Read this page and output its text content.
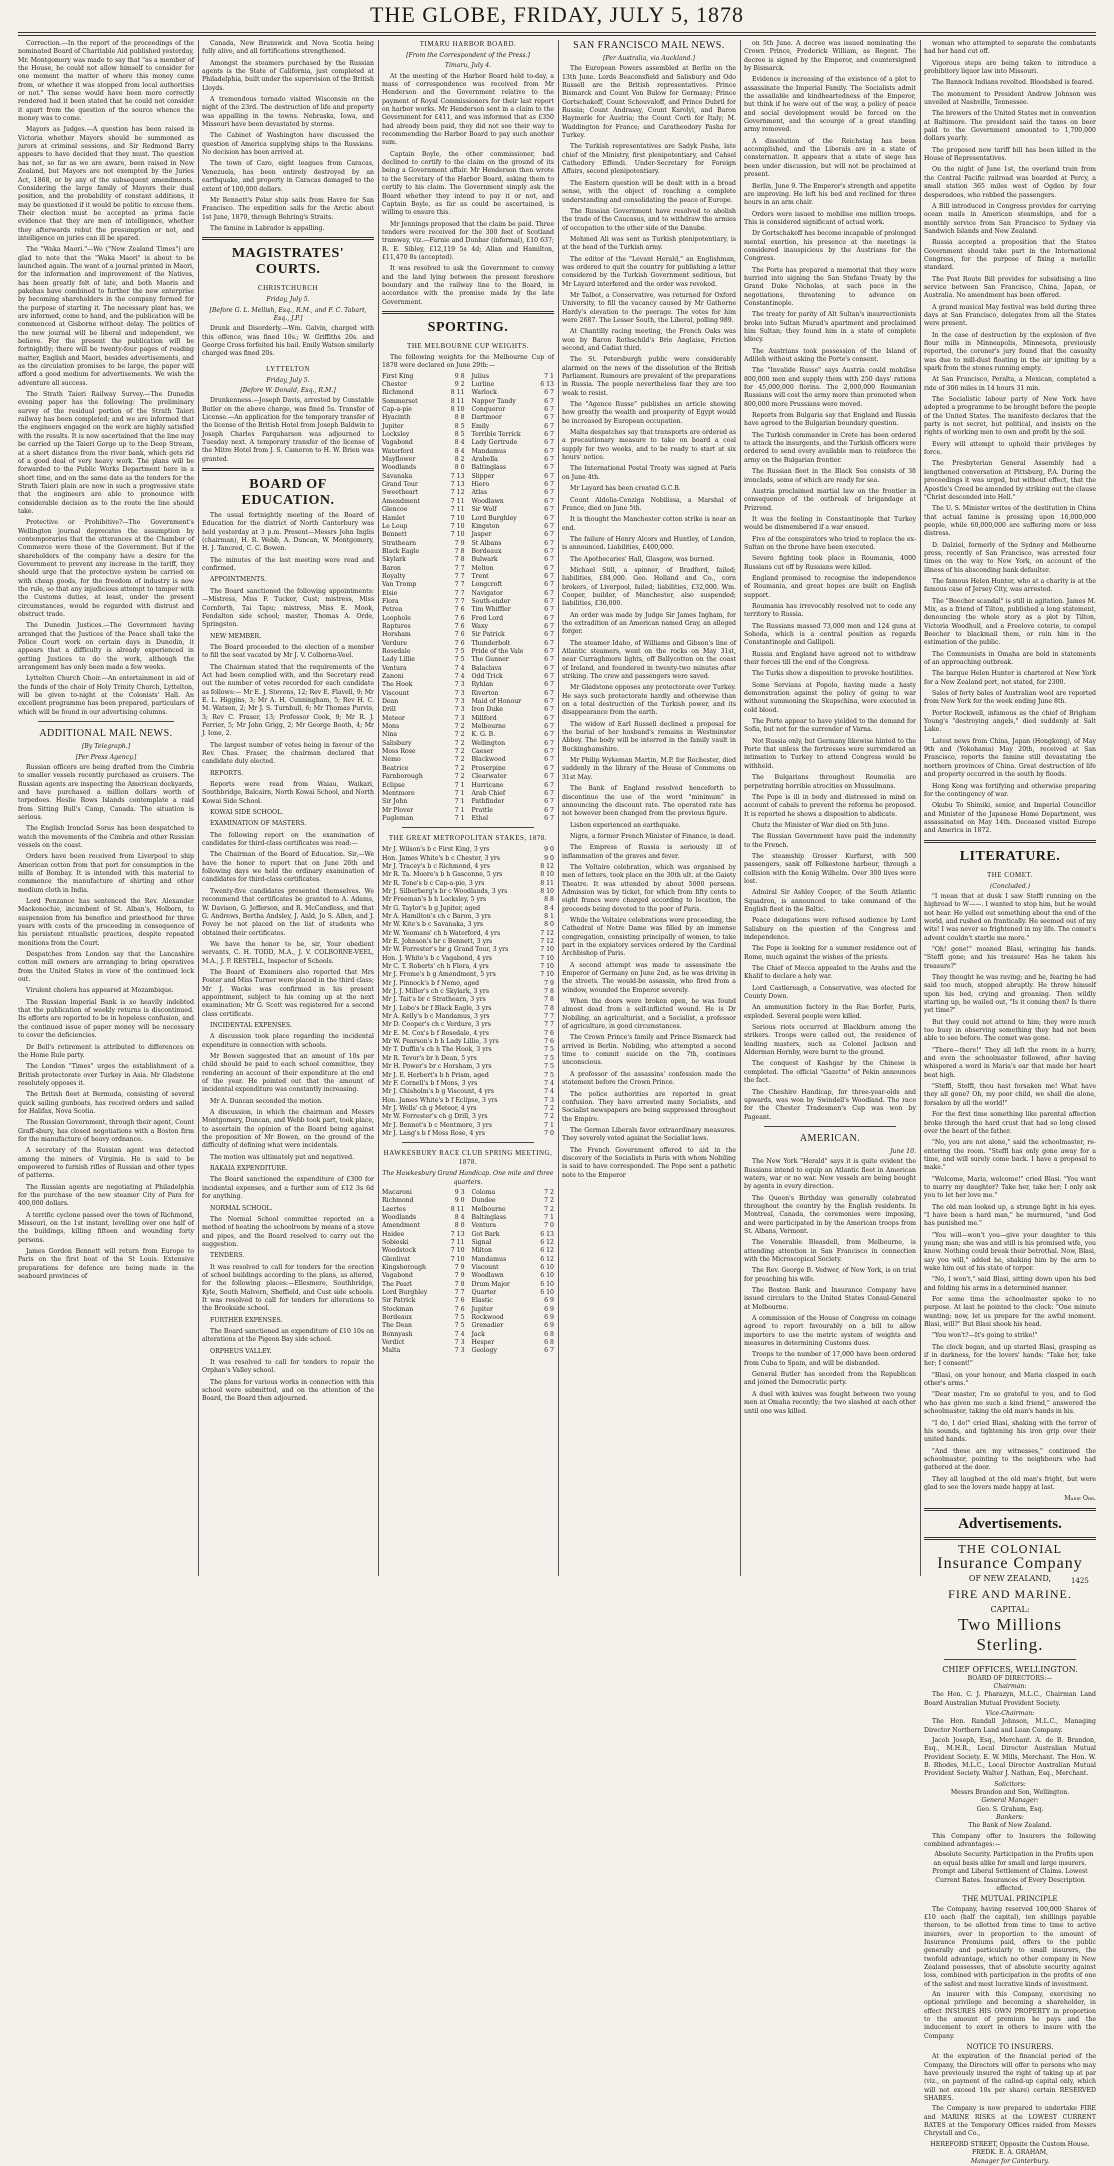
THE GLOBE, FRIDAY, JULY 5, 1878

Correction.—In the report of the proceedings of the nominated Board of Charitable Aid published yesterday, Mr. Montgomery was made to say that "as a member of the House, he could not allow himself to consider for one moment the matter of where this money came from, or whether it was stopped from local authorities or not." The sense would have been more correctly rendered had it been stated that he could not consider it apart from the question of the source whence the money was to come.

Mayors as Judges.—A question has been raised in Victoria whether Mayors should be summoned as jurors at criminal sessions, and Sir Redmond Barry appears to have decided that they must. The question has not, so far as we are aware, been raised in New Zealand, but Mayors are not exempted by the Juries Act, 1868, or by any of the subsequent amendments. Considering the large family of Mayors their dual position, and the probability of constant additions, it may be questioned if it would be politic to excuse them. Their election must be accepted as prima facie evidence that they are men of intelligence, whether they afterwards rebut the presumption or not, and intelligence on juries can ill be spared.

The "Waka Maori."—We ("New Zealand Times") are glad to note that the "Waka Maori" is about to be launched again. The want of a journal printed in Maori, for the information and improvement of the Natives, has been greatly felt of late, and both Maoris and pakehas have combined to further the new enterprise by becoming shareholders in the company formed for the purpose of starting it. The necessary plant has, we are informed, come to hand, and the publication will be commenced at Gisborne without delay. The politics of the new journal will be liberal and independent, we believe. For the present the publication will be fortnightly; there will be twenty-four pages of reading matter, English and Maori, besides advertisements, and as the circulation promises to be large, the paper will afford a good medium for advertisements. We wish the adventure all success.

The Strath Taieri Railway Survey.—The Dunedin evening paper has the following: The preliminary survey of the residual portion of the Strath Taieri railway has been completed; and we are informed that the engineers engaged on the work are highly satisfied with the results. It is now ascertained that the line may be carried up the Taieri Gorge up to the Deep Stream, at a short distance from the river bank, which gets rid of a good deal of very heavy work. The plans will be forwarded to the Public Works Department here in a short time, and on the same date as the tenders for the Strath Taieri plain are now in such a progressive state that the engineers are able to pronounce with considerable decision as to the route the line should take.

Protective or Prohibitive?—The Government's Wellington journal deprecates the assumption by contemporaries that the utterances at the Chamber of Commerce were those of the Government. But if the shareholders of the company have a desire for the Government to prevent any increase in the tariff, they should urge that the protective system be carried on with cheap goods, for the freedom of industry is now the rule, so that any injudicious attempt to tamper with the Customs duties, at least, under the present circumstances, would be regarded with distrust and obstruct trade.

The Dunedin Justices.—The Government having arranged that the Justices of the Peace shall take the Police Court work on certain days in Dunedin, it appears that a difficulty is already experienced in getting Justices to do the work, although the arrangement has only been made a few weeks.

Lyttelton Church Choir.—An entertainment in aid of the funds of the choir of Holy Trinity Church, Lyttelton, will be given to-night at the Colonists' Hall. An excellent programme has been prepared, particulars of which will be found in our advertising columns.

ADDITIONAL MAIL NEWS.
[By Telegraph.]
[Per Press Agency.]

Russian officers are being drafted from the Cimbria to smaller vessels recently purchased as cruisers. The Russian agents are inspecting the American dockyards, and have purchased a million dollars worth of torpedoes. Heslie Rows Islands contemplate a raid from Sitting Bull's Camp, Canada. The situation is serious.

The English Ironclad Sorus has been despatched to watch the movements of the Cimbria and other Russian vessels on the coast.

Orders have been received from Liverpool to ship American cotton from that port for consumption in the mills of Bombay. It is intended with this material to commence the manufacture of shirting and other medium cloth in India.

Lord Penzance has sentenced the Rev. Alexander Mackonochie, incumbent of St. Alban's, Holborn, to suspension from his benefice and priesthood for three years with costs of the proceeding in consequence of his persistent ritualistic practices, despite repeated monitions from the Court.

Despatches from London say that the Lancashire cotton mill owners are arranging to bring operatives from the United States in view of the continued lock out.

Virulent cholera has appeared at Mozambique.

The Russian Imperial Bank is so heavily indebted that the publication of weekly returns is discontinued. Its efforts are reported to be in hopeless confusion, and the continued issue of paper money will be necessary to cover the deficiencies.

Dr Bell's retirement is attributed to differences on the Home Rule party.

The London "Times" urges the establishment of a British protectorate over Turkey in Asia. Mr Gladstone resolutely opposes it.

The British fleet at Bermuda, consisting of several quick sailing gunboats, has received orders and sailed for Halifax, Nova Scotia.

The Russian Government, through their agent, Count Graff-sbury, has closed negotiations with a Boston firm for the manufacture of heavy ordnance.

A secretary of the Russian agent was detected among the miners of Virginia. He is said to be empowered to furnish rifles of Russian and other types of patterns.

The Russian agents are negotiating at Philadelphia for the purchase of the new steamer City of Para for 400,000 dollars.

A terrific cyclone passed over the town of Richmond, Missouri, on the 1st instant, levelling over one half of the buildings, killing fifteen and wounding forty persons.

James Gordon Bennett will return from Europe to Paris on the first boat of the St Louis. Extensive preparations for defence are being made in the seaboard provinces of

Canada, New Brunswick and Nova Scotia being fully alive, and all fortifications strengthened.

Amongst the steamers purchased by the Russian agents is the State of California, just completed at Philadelphia, built under the supervision of the British Lloyds.

A tremendous tornado visited Wisconsin on the night of the 23rd. The destruction of life and property was appalling in the towns. Nebraska, Iowa, and Missouri have been devastated by storms.

The Cabinet of Washington have discussed the question of America supplying ships to the Russians. No decision has been arrived at.

The town of Caro, eight leagues from Caracas, Venezuela, has been entirely destroyed by an earthquake, and property in Caracas damaged to the extent of 100,000 dollars.

Mr Bennett's Polar ship sails from Havre for San Francisco. The expedition sails for the Arctic about 1st June, 1879, through Behring's Straits.

The famine in Labrador is appalling.

MAGISTRATES' COURTS.
CHRISTCHURCH
Friday, July 5.
[Before G. L. Mellish, Esq., R.M., and F. C. Tabart, Esq., J.P.]

Drunk and Disorderly.—Wm. Galvin, charged with this offence, was fined 10s.; W. Griffiths 20s. and George Cross forfeited his bail. Emily Watson similarly charged was fined 20s.

LYTTELTON
Friday, July 5.
[Before W. Donald, Esq., R.M.]

Drunkenness.—Joseph Davis, arrested by Constable Butler on the above charge, was fined 5s. Transfer of License.—An application for the temporary transfer of the license of the British Hotel from Joseph Baldwin to Joseph Charles Farquharson was adjourned to Tuesday next. A temporary transfer of the license of the Mitre Hotel from J. S. Cameron to H. W. Brien was granted.

BOARD OF EDUCATION.

The usual fortnightly meeting of the Board of Education for the district of North Canterbury was held yesterday at 3 p.m. Present—Messrs John Inglis (chairman), H. R. Webb, A. Duncan, W. Montgomery, H. J. Tancred, C. C. Bowen.

The minutes of the last meeting were read and confirmed.

APPOINTMENTS.

The Board sanctioned the following appointments:—Mistress, Miss F. Tucker, Cust; mistress, Miss Cornforth, Tai Tapu; mistress, Miss E. Mook, Fendalton side school; master, Thomas A. Orde, Springston.

NEW MEMBER.

The Board proceeded to the election of a member to fill the seat vacated by Mr J. V. Colborne-Veel.

The Chairman stated that the requirements of the Act had been complied with, and the Secretary read out the number of votes recorded for each candidate as follows:— Mr E. J. Stevens, 12; Rev E. Flavell, 9; Mr E. L. Higgins, 3; Mr A. H. Cunningham, 5; Rev H. C. M. Watson, 2; Mr J. S. Turnbull, 6; Mr Thomas Purvis, 3; Rev C. Fraser, 13; Professor Cook, 9; Mr R. J. Ferrier, 5; Mr John Grigg, 2; Mr George Booth, 4; Mr J. Ione, 2.

The largest number of votes being in favour of the Rev. Chas. Fraser, the chairman declared that candidate duly elected.

REPORTS.

Reports were read from Waiau, Waikari, Southbridge, Balcairn, North Kowai School, and North Kowai Side School.

KOWAI SIDE SCHOOL.

EXAMINATION OF MASTERS.

The following report on the examination of candidates for third-class certificates was read:—

The Chairman of the Board of Education. Sir,—We have the honor to report that on June 26th and following days we held the ordinary examination of candidates for third-class certificates.

Twenty-five candidates presented themselves. We recommend that certificates be granted to A. Adams, W. Davison, G. Jefferson, and R. McCandless, and that G. Andrews, Bertha Andsley, J. Auld, Jo S. Allen, and J. Fovey be not placed on the list of students who obtained their certificates.

We have the honor to be, sir, Your obedient servants, C. H. TODD, M.A., J. V. COLBORNE-VEEL, M.A., J. P. RESTELL, Inspector of Schools.

The Board of Examiners also reported that Mrs Foster and Miss Turner were placed in the third class; Mr J. Wacke was confirmed in his present appointment, subject to his coming up at the next examination; Mr G. Scott was registered for a second class certificate.

INCIDENTAL EXPENSES.

A discussion took place regarding the incidental expenditure in connection with schools.

Mr Bowen suggested that an amount of 10s per child should be paid to each school committee, they rendering an account of their expenditure at the end of the year. He pointed out that the amount of incidental expenditure was constantly increasing.

Mr A. Duncan seconded the motion.

A discussion, in which the chairman and Messrs Montgomery, Duncan, and Webb took part, took place, to ascertain the opinion of the Board being against the proposition of Mr Bowen, on the ground of the difficulty of defining what were incidentals.

The motion was ultimately put and negatived.

RAKAIA EXPENDITURE.

The Board sanctioned the expenditure of £300 for incidental expenses, and a further sum of £12 3s 6d for anything.

NORMAL SCHOOL.

The Normal School committee reported on a method of heating the schoolroom by means of a stove and pipes, and the Board resolved to carry out the suggestion.

TENDERS.

It was resolved to call for tenders for the erection of school buildings according to the plans, as altered, for the following places:—Ellesmere, Southbridge, Kyle, South Malvern, Sheffield, and Cust side schools. It was resolved to call for tenders for alterations to the Brookside school.

FURTHER EXPENSES.

The Board sanctioned an expenditure of £10 10s on alterations at the Pigeon Bay side school.

ORPHEUS VALLEY.

It was resolved to call for tenders to repair the Orphan's Valley school.

The plans for various works in connection with this school were submitted, and on the attention of the Board, the Board then adjourned.

TIMARU HARBOR BOARD.
[From the Correspondent of the Press.]
Timaru, July 4.

At the meeting of the Harbor Board held to-day, a mass of correspondence was received from Mr Henderson and the Government relative to the payment of Royal Commissioners for their last report on harbor works. Mr Henderson sent in a claim to the Government for £411, and was informed that as £350 had already been paid, they did not see their way to recommending the Harbor Board to pay such another sum.

Captain Boyle, the other commissioner, had declined to certify to the claim on the ground of its being a Government affair. Mr Henderson then wrote to the Secretary of the Harbor Board, asking them to certify to his claim. The Government simply ask the Board whether they intend to pay it or not, and Captain Boyle, as far as could be ascertained, is willing to ensure this.

Mr Jennings proposed that the claim be paid. Three tenders were received for the 300 feet of Scotland tramway, viz.—Farnie and Dunbar (informal), £10 637; R. E. Sibley, £12,119 5s 4d; Allan and Hamilton, £11,470 8s (accepted).

It was resolved to ask the Government to convey and the land lying between the present foreshore boundary and the railway line to the Board, in accordance with the promise made by the late Government.

SPORTING.
THE MELBOURNE CUP WEIGHTS.

The following weights for the Melbourne Cup of 1878 were declared on June 29th:—

First King	9 8 Julius	7 1
Chester	9 2 Lurline	6 13
Richmond	8 11 Warlock	6 7
Sommerset	8 11 Napper Tandy	6 7
Cap-a-pie	8 10 Conqueror	6 7
Hyacinth	8 8 Dartmoor	6 7
Jupiter	8 5 Emily	6 7
Locksley	8 5 Terrible Terrick	6 7
Vagabond	8 4 Lady Gertrude	6 7
Waterford	8 4 Mandamus	6 7
Mayflower	8 2 Arabella	6 7
Woodlands	8 0 Baltinglass	6 7
Savanaka	7 13 Slipper	6 7
Grand Tour	7 13 Hiero	6 7
Sweetheart	7 12 Atlas	6 7
Amendment	7 11 Woodlawn	6 7
Glencoe	7 11 Sir Wolf	6 7
Hamlet	7 10 Lord Burghley	6 7
Le Loup	7 10 Kingston	6 7
Bennett	7 10 Jasper	6 7
Strathearn	7 9 St Albans	6 7
Black Eagle	7 8 Bordeaux	6 7
Skylark	7 8 Bulwark	6 7
Baron	7 7 Melton	6 7
Royalty	7 7 Trent	6 7
Van Tromp	7 7 Longcroft	6 7
Elsie	7 7 Navigator	6 7
Flora	7 7 South-ender	6 7
Petrea	7 6 Tim Whiffler	6 7
Loophole	7 6 Fred Lord	6 7
Raptures	7 6 Waxy	6 7
Horsham	7 6 Sir Patrick	6 7
Verdure	7 6 Thunderbolt	6 7
Rosedale	7 5 Pride of the Vale	6 7
Lady Lillie	7 5 The Gunner	6 7
Ventura	7 4 Balaclava	6 7
Zanoni	7 4 Odd Trick	6 7
The Hook	7 3 Ryhlan	6 7
Viscount	7 3 Riverton	6 7
Dean	7 3 Maid of Honour	6 7
Drill	7 3 Iron Duke	6 7
Meteor	7 3 Millford	6 7
Mons	7 2 Melbourne	6 7
Nina	7 2 K. G. B.	6 7
Salisbury	7 2 Wellington	6 7
Moss Rose	7 2 Caeser	6 7
Nemo	7 2 Blackwood	6 7
Beatrice	7 2 Proserpine	6 7
Farnborough	7 2 Clearwater	6 7
Eclipse	7 1 Hurricane	6 7
Mentmore	7 1 Arab Chief	6 7
Sir John	7 1 Pathfinder	6 7
Mr Plover	7 1 Prattle	6 7
Fugleman	7 1 Ethel	6 7
THE GREAT METROPOLITAN STAKES, 1878.
Mr J. Wilson's b c First King, 3 yrs	9 0
Hon. James White's b c Chester, 3 yrs	9 0
Mr J. Tracey's b c Richmond, 4 yrs	8 12
Mr R. Ta. Moore's b h Gasconne, 5 yrs	8 10
Mr R. Tone's b c Cap-a-pie, 3 yrs	8 11
Mr J. Silberberg's br c Woodlands, 3 yrs	8 10
Mr Freeman's b h Locksley, 5 yrs	8 8
Mr G. Taylor's b g Jupiter, aged	8 4
Mr A. Hamilton's ch c Baron, 3 yrs	8 1
Mr W. Kite's b c Savanaka, 3 yrs	8 0
Mr W. Yeomans' ch h Waterford, 4 yrs	7 12
Mr E. Johnson's br c Bennett, 3 yrs	7 12
Mr W. Forrester's br g Grand Tour, 3 yrs	7 10
Hon. J. White's b c Vagabond, 4 yrs	7 10
Mr C. T. Roberts' ch h Flora, 4 yrs	7 10
Mr J. Frome's b g Amendment, 5 yrs	7 10
Mr J. Pinnock's b f Nemo, aged	7 9
Mr J. J. Miller's ch c Skylark, 3 yrs	7 8
Mr J. Tait's br c Strathearn, 3 yrs	7 8
Mr J. Lobo's br f Black Eagle, 3 yrs	7 8
Mr A. Kelly's b c Mandamus, 3 yrs	7 7
Mr D. Cooper's ch c Verdure, 3 yrs	7 7
Mr E. M. Cox's b f Rosedale, 4 yrs	7 6
Mr W. Pearson's b h Lady Lillie, 3 yrs	7 6
Mr T. Duffin's ch h The Hook, 3 yrs	7 5
Mr R. Tevor's br h Dean, 5 yrs	7 5
Mr H. Power's br c Horsham, 3 yrs	7 5
Mr J. E. Herbert's b h Prism, aged	7 5
Mr F. Cornell's b f Mons, 3 yrs	7 4
Mr J. Chisholm's b g Viscount, 4 yrs	7 4
Hon. James White's b f Eclipse, 3 yrs	7 3
Mr J. Wells' ch g Meteor, 4 yrs	7 2
Mr W. Forrester's ch g Drill, 3 yrs	7 2
Mr J. Bennet's b c Mentmore, 3 yrs	7 1
Mr J. Lang's b f Moss Rose, 4 yrs	7 0
HAWKESBURY RACE CLUB SPRING MEETING, 1878.
The Hawkesbury Grand Handicap. One mile and three quarters.
Macaroni	9 3 Coloma	7 2
Richmond	9 0 Dundee	7 2
Laertes	8 11 Melbourne	7 2
Woodlands	8 4 Baltinglass	7 1
Amendment	8 0 Ventura	7 0
Haidee	7 13 Got Bark	6 13
Sobieski	7 11 Signal	6 12
Woodstock	7 10 Milton	6 12
Glenlivat	7 10 Mandamus	6 12
Kingsborough	7 9 Viscount	6 10
Vagabond	7 9 Woodlawn	6 10
The Pearl	7 8 Drum Major	6 10
Lord Burghley	7 7 Quarter	6 10
Sir Patrick	7 6 Elastic	6 9
Stockman	7 6 Jupiter	6 9
Bordeaux	7 5 Rockwood	6 9
The Dean	7 5 Grenadier	6 9
Bonnyash	7 4 Jack	6 8
Verdict	7 3 Hesper	6 8
Malta	7 3 Geology	6 7
SAN FRANCISCO MAIL NEWS.
[Per Australia, via Auckland.]

The European Powers assembled at Berlin on the 13th June. Lords Beaconsfield and Salisbury and Odo Russell are the British representatives. Prince Bismarck and Count Von Bulow for Germany; Prince Gortschakoff, Count Schouvaloff, and Prince Dubril for Russia; Count Andrassy, Count Karolyi, and Baron Haymerle for Austria; the Count Corti for Italy; M. Waddington for France; and Caratheodory Pasha for Turkey.

The Turkish representatives are Sadyk Pasha, late chief of the Ministry, first plenipotentiary, and Cahsel Cathedory Effendi. Under-Secretary for Foreign Affairs, second plenipotentiary.

The Eastern question will be dealt with in a broad sense, with the object of reaching a complete understanding and consolidating the peace of Europe.

The Russian Government have resolved to abolish the trade of the Caucasus, and to withdraw the armies of occupation to the other side of the Danube.

Mehmed Ali was sent as Turkish plenipotentiary, is at the head of the Turkish army.

The editor of the "Levant Herald," an Englishman, was ordered to quit the country for publishing a letter considered by the Turkish Government seditious, but Mr Layard interfered and the order was revoked.

Mr Talbot, a Conservative, was returned for Oxford University, to fill the vacancy caused by Mr Gathorne Hardy's elevation to the peerage. The votes for him were 2687. The Lesser South, the Liberal, polling 989.

At Chantilly racing meeting, the French Oaks was won by Baron Rothschild's Brie Anglaise, Friction second, and Cadiat third.

The St. Petersburgh public were considerably alarmed on the news of the dissolution of the British Parliament. Rumours are prevalent of the preparations in Russia. The people nevertheless fear they are too weak to resist.

The "Agence Russe" publishes an article showing how greatly the wealth and prosperity of Egypt would be increased by European occupation.

Malta despatches say that transports are ordered as a precautionary measure to take on board a coal supply for two weeks, and to be ready to start at six hours' notice.

The International Postal Treaty was signed at Paris on June 4th.

Mr Layard has been created G.C.B.

Count Aldolia-Cenziga Nobilissa, a Marshal of France, died on June 5th.

It is thought the Manchester cotton strike is near an end.

The failure of Henry Alcors and Huntley, of London, is announced. Liabilities, £400,000.

The Apothecaries' Hall, Glasgow, was burned.

Michael Still, a spinner, of Bradford, failed; liabilities, £84,000. Geo. Holland and Co., corn brokers, of Liverpool, failed; liabilities, £32,000. Wm. Cooper, builder, of Manchester, also suspended; liabilities, £36,000.

An order was made by Judge Sir James Ingham, for the extradition of an American named Gray, an alleged forger.

The steamer Idaho, of Williams and Gibson's line of Atlantic steamers, went on the rocks on May 31st, near Curraghmore lights, off Ballycotton on the coast of Ireland, and foundered in twenty-two minutes after striking. The crew and passengers were saved.

Mr Gladstone opposes any protectorate over Turkey. He says such protectorate hardly and otherwise than on a total destruction of the Turkish power, and its disappearance from the earth.

The widow of Earl Russell declined a proposal for the burial of her husband's remains in Westminster Abbey. The body will be interred in the family vault in Buckinghamshire.

Mr Philip Wykeman Martin, M.P. for Rochester, died suddenly in the library of the House of Commons on 31st May.

The Bank of England resolved henceforth to discontinue the use of the word "minimum" in announcing the discount rate. The operated rate has not however been changed from the previous figure.

Lisbon experienced an earthquake.

Nigra, a former French Minister of Finance, is dead.

The Empress of Russia is seriously ill of inflammation of the graves and fever.

The Voltaire celebration, which was organised by men of letters, took place on the 30th ult. at the Gaiety Theatre. It was attended by about 5000 persons. Admission was by ticket, for which from fifty cents to eight francs were charged according to location, the proceeds being devoted to the poor of Paris.

While the Voltaire celebrations were proceeding, the Cathedral of Notre Dame was filled by an immense congregation, consisting principally of women, to take part in the expiatory services ordered by the Cardinal Archbishop of Paris.

A second attempt was made to assassinate the Emperor of Germany on June 2nd, as he was driving in the streets. The would-be assassin, who fired from a window, wounded the Emperor severely.

When the doors were broken open, he was found almost dead from a self-inflicted wound. He is Dr Nobiling, an agriculturist, and a Socialist, a professor of agriculture, in good circumstances.

The Crown Prince's family and Prince Bismarck had arrived in Berlin. Nobiling, who attempted a second time to commit suicide on the 7th, continues unconscious.

A professor of the assassins' confession made the statement before the Crown Prince.

The police authorities are reported in great confusion. They have arrested many Socialists, and Socialist newspapers are being suppressed throughout the Empire.

The German Liberals favor extraordinary measures. They severely voted against the Socialist laws.

The French Government offered to aid in the discovery of the Socialists in Paris with whom Nobiling is said to have corresponded. The Pope sent a pathetic note to the Emperor

on 5th June. A decree was issued nominating the Crown Prince, Frederick William, as Regent. The decree is signed by the Emperor, and countersigned by Bismarck.

Evidence is increasing of the existence of a plot to assassinate the Imperial Family. The Socialists admit the assailable and kindheartedness of the Emperor, but think if he were out of the way, a policy of peace and social development would be forced on the Government, and the scourge of a great standing army removed.

A dissolution of the Reichstag has been accomplished, and the Liberals are in a state of consternation. It appears that a state of siege has been under discussion, but will not be proclaimed at present.

Berlin, June 9. The Emperor's strength and appetite are improving. He left his bed and reclined for three hours in an arm chair.

Orders were issued to mobilise one million troops. This is considered significant of actual work.

Dr Gortschakoff has become incapable of prolonged mental exertion, his presence at the meetings is considered inauspicious by the Austrians for the Congress.

The Porte has prepared a memorial that they were hurried into signing the San Stefano Treaty by the Grand Duke Nicholas, at such pace in the negotiations, threatening to advance on Constantinople.

The treaty for parity of Alt Sultan's insurrectionists broke into Sultan Murad's apartment and proclaimed him Sultan; they found him in a state of complete idiocy.

The Austrians took possession of the Island of Adlileh without asking the Porte's consent.

The "Invalide Russe" says Austria could mobilise 800,000 men and supply them with 250 days' rations for 45,000,000 florins. The 2,000,000 Roumanian Russians will cost the army more than promoted when 800,000 more Prussians were moved.

Reports from Bulgaria say that England and Russia have agreed to the Bulgarian boundary question.

The Turkish commander in Crete has been ordered to attack the insurgents, and the Turkish officers were ordered to send every available man to reinforce the army on the Bulgarian frontier.

The Russian fleet in the Black Sea consists of 38 ironclads, some of which are ready for sea.

Austria proclaimed martial law on the frontier in consequence of the outbreak of brigandage at Prizrend.

It was the feeling in Constantinople that Turkey would be dismembered if a war ensued.

Five of the conspirators who tried to replace the ex-Sultan on the throne have been executed.

Severe fighting took place in Roumania, 4000 Russians cut off by Russians were killed.

England promised to recognise the independence of Roumania, and great hopes are built on English support.

Roumania has irrevocably resolved not to cede any territory to Russia.

The Russians massed 73,000 men and 124 guns at Sohoda, which is a central position as regards Constantinople and Gallipoli.

Russia and England have agreed not to withdraw their forces till the end of the Congress.

The Turks show a disposition to provoke hostilities.

Some Servians at Popolo, having made a hasty demonstration against the policy of going to war without summoning the Skupschina, were executed in cold blood.

The Porte appear to have yielded to the demand for Sofia, but not for the surrender of Varna.

Not Russia only, but Germany likewise hinted to the Porte that unless the fortresses were surrendered an intimation to Turkey to attend Congress would be withheld.

The Bulgarians throughout Roumelia are perpetrating horrible atrocities on Mussulmans.

The Pope is ill in body and distressed in mind on account of cabals to prevent the reforms he proposed. It is reported he shows a disposition to abdicate.

Chutz the Minister of War died on 5th June.

The Russian Government have paid the indemnity to the French.

The steamship Grosser Kurfurst, with 500 passengers, sank off Folkestone harbour, through a collision with the Konig Wilhelm. Over 300 lives were lost.

Admiral Sir Ashley Cooper, of the South Atlantic Squadron, is announced to take command of the English fleet in the Baltic.

Peace delegations were refused audience by Lord Salisbury on the question of the Congress and independence.

The Pope is looking for a summer residence out of Rome, much against the wishes of the priests.

The Chief of Mecca appealed to the Arabs and the Khalif to declare a holy war.

Lord Castlereagh, a Conservative, was elected for County Down.

An ammunition factory in the Rue Borfer, Paris, exploded. Several people were killed.

Serious riots occurred at Blackburn among the strikers. Troops were called out, the residence of leading masters, such as Colonel Jackson and Alderman Hornby, were burnt to the ground.

The conquest of Kashgar by the Chinese is completed. The official "Gazette" of Pekin announces the fact.

The Cheshire Handicap, for three-year-olds and upwards, was won by Swindell's Woodland. The race for the Chester Tradesmen's Cup was won by Pageant.

AMERICAN.
June 10.

The New York "Herald" says it is quite evident the Russians intend to equip an Atlantic fleet in American waters, war or no war. New vessels are being bought by agents in every direction.

The Queen's Birthday was generally celebrated throughout the country by the English residents. In Montreal, Canada, the ceremonies were imposing, and were participated in by the American troops from St. Albans, Vermont.

The Venerable Bleasdell, from Melbourne, is attending attention in San Francisco in connection with the Microscopical Society.

The Rev. George B. Vedwer, of New York, is on trial for preaching his wife.

The Boston Bank and Insurance Company have issued circulars to the United States Consul-General at Melbourne.

A commission of the House of Congress on coinage agreed to report favourably on a bill to allow importers to use the metric system of weights and measures in determining Customs dues.

Troops to the number of 17,000 have been ordered from Cuba to Spain, and will be disbanded.

General Butler has seceded from the Republican and joined the Democratic party.

A duel with knives was fought between two young men at Omaha recently; the two slashed at each other until one was killed.

woman who attempted to separate the combatants had her hand cut off.

Vigorous steps are being taken to introduce a prohibitory liquor law into Missouri.

The Bannock Indians revolted. Bloodshed is feared.

The monument to President Andrew Johnson was unveiled at Nashville, Tennessee.

The brewers of the United States met in convention at Baltimore. The president said the taxes on beer paid to the Government amounted to 1,700,000 dollars yearly.

The proposed new tariff bill has been killed in the House of Representatives.

On the night of June 1st, the overland train from the Central Pacific railroad was boarded at Percy, a small station 365 miles west of Ogden by four desperadoes, who robbed the passengers.

A Bill introduced in Congress provides for carrying ocean mails in American steamships, and for a monthly service from San Francisco to Sydney via Sandwich Islands and New Zealand.

Russia accepted a proposition that the States Government should take part in the International Congress, for the purpose of fixing a metallic standard.

The Post Route Bill provides for subsidising a line service between San Francisco, China, Japan, or Australia. No amendment has been offered.

A grand musical May festival was held during three days at San Francisco, delegates from all the States were present.

In the case of destruction by the explosion of five flour mills in Minneapolis, Minnesota, previously reported, the coroner's jury found that the casualty was due to mill-dust floating in the air igniting by a spark from the stones running empty.

At San Francisco, Peralta, a Mexican, completed a ride of 306 miles in 14 hours 31 min.

The Socialistic labour party of New York have adopted a programme to be brought before the people of the United States. The manifesto declares that the party is not secret, but political, and insists on the rights of working men to own and profit by the soil.

Every will attempt to uphold their privileges by force.

The Presbyterian General Assembly had a lengthened conversation at Pittsburg, P.A. During the proceedings it was urged, but without effect, that the Apostle's Creed be amended by striking out the clause "Christ descended into Hell."

The U. S. Minister writes of the destitution in China that actual famine is pressing upon 16,000,000 people, while 60,000,000 are suffering more or less distress.

D. Dalziel, formerly of the Sydney and Melbourne press, recently of San Francisco, was arrested four times on the way to New York, on account of the illness of his absconding bank defaulter.

The famous Helen Hunter, who at a charity is at the famous case of Jersey City, was arrested.

The "Beecher scandal" is still in agitation. James M. Mix, as a friend of Tilton, published a long statement, denouncing the whole story as a plot by Tilton, Victoria Woodhull, and a Freelove coterie, to compel Beecher to blackmail them, or ruin him in the estimation of the public.

The Communists in Omaha are bold in statements of an approaching outbreak.

The barque Helen Hunter is chartered at New York for a New Zealand port, not stated, for 2300.

Sales of forty bales of Australian wool are reported from New York for the week ending June 8th.

Porter Rockwell, infamous as the chief of Brigham Young's "destroying angels," died suddenly at Salt Lake.

Latest news from China, Japan (Hongkong), of May 9th and (Yokohama) May 20th, received at San Francisco, reports the famine still devastating the northern provinces of China. Great destruction of life and property occurred in the south by floods.

Hong Kong was fortifying and otherwise preparing for the contingency of war.

Okubu To Shimiki, senior, and Imperial Councillor and Minister of the Japanese Home Department, was assassinated on May 14th. Deceased visited Europe and America in 1872.

LITERATURE.
THE COMET.
(Concluded.)

"I mean that at dusk I saw Steffl running on the highroad to W——. I wanted to stop him, but he would not hear. He yelled out something about the end of the world, and rushed on frantically. He seemed out of my wits! I was never so frightened in my life. The comet's advent couldn't startle me more."

"Oh! gone!" moaned Blasi, wringing his hands. "Steffl gone; and his treasure! Has he taken his treasure?"

They thought he was raving; and he, fearing he had said too much, stopped abruptly. He threw himself upon his bed, crying and groaning. Then wildly starting up, he wailed out, "Is it coming then? Is there yet time?"

But they could not attend to him; they were much too busy in observing something they had not been able to see before. The comet was gone.

"There—there!" They all left the room in a hurry, and even the schoolmaster followed, after having whispered a word in Maria's ear that made her heart beat high.

"Steffl, Steffl, thou hast forsaken me! What have they all gone? Oh, my poor child, we shall die alone, forsaken by all the world!"

For the first time something like parental affection broke through the hard crust that had so long closed over the heart of the father.

"No, you are not alone," said the schoolmaster, re-entering the room. "Steffl has only gone away for a time, and will surely come back. I have a proposal to make."

"Welcome, Maria, welcome!" cried Blasi. "You want to marry my daughter? Take her, take her; I only ask you to let her love me."

The old man looked up, a strange light in his eyes. "I have been a hard man," he murmured, "and God has punished me."

"You will—won't you—give your daughter to this young man; she was and still is his promised wife, you know. Nothing could break their betrothal. Now, Blasi, say you will," added he, shaking him by the arm to wake him out of his state of torpor.

"No, I won't," said Blasi, sitting down upon his bed and folding his arms in a determined manner.

For some time the schoolmaster spoke to no purpose. At last he pointed to the clock: "One minute wanting; now, let us prepare for the awful moment. Blasi, will?" But Blasi shook his head.

"You won't?—It's going to strike!"

The clock began, and up started Blasi, grasping as if in darkness, for the lovers' hands: "Take her, take her; I consent!"

"Blasi, on your honour, and Maria clasped in each other's arms."

"Dear master, I'm so grateful to you, and to God who has given me such a kind friend," answered the schoolmaster, taking the old man's hands in his.

"I do, I do!" cried Blasi, shaking with the terror of his sounds, and tightening his iron grip over their united hands.

"And these are my witnesses," continued the schoolmaster, pointing to the neighbours who had gathered at the door.

They all laughed at the old man's fright, but were glad to see the lovers made happy at last.

Marie Orr.
Advertisements.
THE COLONIAL
Insurance Company
OF NEW ZEALAND,
FIRE AND MARINE.
CAPITAL:
Two Millions Sterling.
CHIEF OFFICES, WELLINGTON.
BOARD OF DIRECTORS:—
Chairman:

The Hon. C. J. Pharazyn, M.L.C., Chairman Land Board Australian Mutual Provident Society.

Vice-Chairman:

The Hon. Randall Johnson, M.L.C., Managing Director Northern Land and Loan Company.

Jacob Joseph, Esq., Merchant. A. de B. Brandon, Esq., M.H.R., Local Director Australian Mutual Provident Society. E. W. Mills, Merchant. The Hon. W. B. Rhodes, M.L.C., Local Director Australian Mutual Provident Society. Walter J. Nathan, Esq., Merchant.

Solicitors:
Messrs Brandon and Son, Wellington.
General Manager:
Geo. S. Graham, Esq.
Bankers:
The Bank of New Zealand.

This Company offer to Insurers the following combined advantages:—

Absolute Security. Participation in the Profits upon an equal basis alike for small and large insurers. Prompt and Liberal Settlement of Claims. Lowest Current Rates. Insurances of Every Description effected.

THE MUTUAL PRINCIPLE

The Company, having reserved 100,000 Shares of £10 each (half the capital), ten shillings payable thereon, to be allotted from time to time to active insurers, over in proportion to the amount of Insurance Premiums paid, offers to the public generally and particularly to small insurers, the twofold advantage, which no other company in New Zealand possesses, that of absolute security against loss, combined with participation in the profits of one of the safest and most lucrative kinds of investment.

An insurer with this Company, exercising no optional privilege and becoming a shareholder, in effect INSURES HIS OWN PROPERTY in proportion to the amount of premium he pays and the inducement to exert in others to insure with the Company.

NOTICE TO INSURERS.

At the expiration of the financial period of the Company, the Directors will offer to persons who may have previously insured the right of taking up at par (viz., on payment of the called-up capital only, which will not exceed 10s per share) certain RESERVED SHARES.

The Company is now prepared to undertake FIRE and MARINE RISKS at the LOWEST CURRENT RATES at the Temporary Offices raided from Messrs Chrystall and Co.,

HEREFORD STREET, Opposite the Custom House.
FREDK. E. A. GRAHAM,
Manager for Canterbury.
1425
